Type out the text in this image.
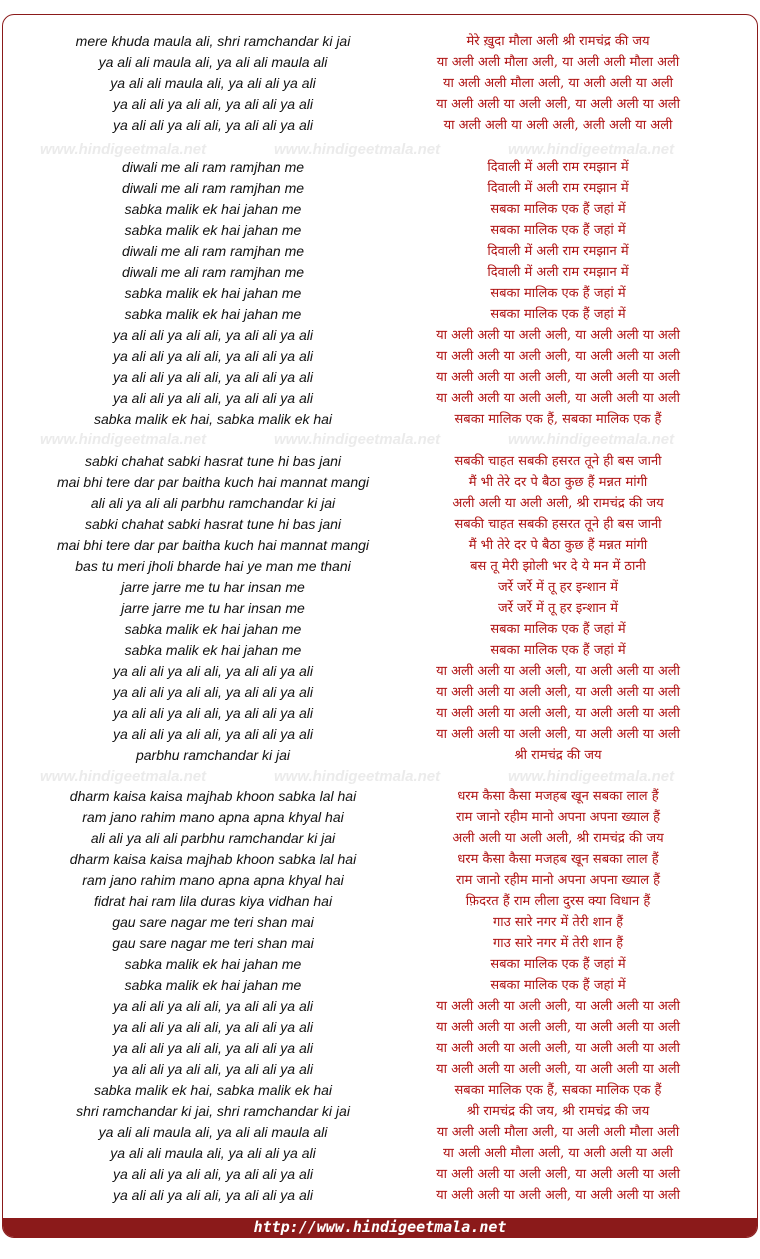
http://www.hindigeetmala.net
mere khuda maula ali, shri ramchandar ki jai	मेरे ख़ुदा मौला अली श्री रामचंद्र की जय
ya ali ali maula ali, ya ali ali maula ali	या अली अली मौला अली, या अली अली मौला अली
ya ali ali maula ali, ya ali ali ya ali	या अली अली मौला अली, या अली अली या अली
ya ali ali ya ali ali, ya ali ali ya ali	या अली अली या अली अली, या अली अली या अली
ya ali ali ya ali ali, ya ali ali ya ali	या अली अली या अली अली, अली अली या अली
www.hindigeetmala.net	www.hindigeetmala.net	www.hindigeetmala.net
diwali me ali ram ramjhan me	दिवाली में अली राम रमझान में
diwali me ali ram ramjhan me	दिवाली में अली राम रमझान में
sabka malik ek hai jahan me	सबका मालिक एक हैं जहां में
sabka malik ek hai jahan me	सबका मालिक एक हैं जहां में
diwali me ali ram ramjhan me	दिवाली में अली राम रमझान में
diwali me ali ram ramjhan me	दिवाली में अली राम रमझान में
sabka malik ek hai jahan me	सबका मालिक एक हैं जहां में
sabka malik ek hai jahan me	सबका मालिक एक हैं जहां में
ya ali ali ya ali ali, ya ali ali ya ali	या अली अली या अली अली, या अली अली या अली
ya ali ali ya ali ali, ya ali ali ya ali	या अली अली या अली अली, या अली अली या अली
ya ali ali ya ali ali, ya ali ali ya ali	या अली अली या अली अली, या अली अली या अली
ya ali ali ya ali ali, ya ali ali ya ali	या अली अली या अली अली, या अली अली या अली
sabka malik ek hai, sabka malik ek hai	सबका मालिक एक हैं, सबका मालिक एक हैं
www.hindigeetmala.net	www.hindigeetmala.net	www.hindigeetmala.net
sabki chahat sabki hasrat tune hi bas jani	सबकी चाहत सबकी हसरत तूने ही बस जानी
mai bhi tere dar par baitha kuch hai mannat mangi	मैं भी तेरे दर पे बैठा कुछ हैं मन्नत मांगी
ali ali ya ali ali parbhu ramchandar ki jai	अली अली या अली अली, श्री रामचंद्र की जय
sabki chahat sabki hasrat tune hi bas jani	सबकी चाहत सबकी हसरत तूने ही बस जानी
mai bhi tere dar par baitha kuch hai mannat mangi	मैं भी तेरे दर पे बैठा कुछ हैं मन्नत मांगी
bas tu meri jholi bharde hai ye man me thani	बस तू मेरी झोली भर दे ये मन में ठानी
jarre jarre me tu har insan me	जर्रे जर्रे में तू हर इन्शान में
jarre jarre me tu har insan me	जर्रे जर्रे में तू हर इन्शान में
sabka malik ek hai jahan me	सबका मालिक एक हैं जहां में
sabka malik ek hai jahan me	सबका मालिक एक हैं जहां में
ya ali ali ya ali ali, ya ali ali ya ali	या अली अली या अली अली, या अली अली या अली
ya ali ali ya ali ali, ya ali ali ya ali	या अली अली या अली अली, या अली अली या अली
ya ali ali ya ali ali, ya ali ali ya ali	या अली अली या अली अली, या अली अली या अली
ya ali ali ya ali ali, ya ali ali ya ali	या अली अली या अली अली, या अली अली या अली
parbhu ramchandar ki jai	श्री रामचंद्र की जय
www.hindigeetmala.net	www.hindigeetmala.net	www.hindigeetmala.net
dharm kaisa kaisa majhab khoon sabka lal hai	धरम कैसा कैसा मजहब खून सबका लाल हैं
ram jano rahim mano apna apna khyal hai	राम जानो रहीम मानो अपना अपना ख्याल हैं
ali ali ya ali ali parbhu ramchandar ki jai	अली अली या अली अली, श्री रामचंद्र की जय
dharm kaisa kaisa majhab khoon sabka lal hai	धरम कैसा कैसा मजहब खून सबका लाल हैं
ram jano rahim mano apna apna khyal hai	राम जानो रहीम मानो अपना अपना ख्याल हैं
fidrat hai ram lila duras kiya vidhan hai	फ़िदरत हैं राम लीला दुरस क्या विधान हैं
gau sare nagar me teri shan mai	गाउ सारे नगर में तेरी शान हैं
gau sare nagar me teri shan mai	गाउ सारे नगर में तेरी शान हैं
sabka malik ek hai jahan me	सबका मालिक एक हैं जहां में
sabka malik ek hai jahan me	सबका मालिक एक हैं जहां में
ya ali ali ya ali ali, ya ali ali ya ali	या अली अली या अली अली, या अली अली या अली
ya ali ali ya ali ali, ya ali ali ya ali	या अली अली या अली अली, या अली अली या अली
ya ali ali ya ali ali, ya ali ali ya ali	या अली अली या अली अली, या अली अली या अली
ya ali ali ya ali ali, ya ali ali ya ali	या अली अली या अली अली, या अली अली या अली
sabka malik ek hai, sabka malik ek hai	सबका मालिक एक हैं, सबका मालिक एक हैं
shri ramchandar ki jai, shri ramchandar ki jai	श्री रामचंद्र की जय, श्री रामचंद्र की जय
ya ali ali maula ali, ya ali ali maula ali	या अली अली मौला अली, या अली अली मौला अली
ya ali ali maula ali, ya ali ali ya ali	या अली अली मौला अली, या अली अली या अली
ya ali ali ya ali ali, ya ali ali ya ali	या अली अली या अली अली, या अली अली या अली
ya ali ali ya ali ali, ya ali ali ya ali	या अली अली या अली अली, या अली अली या अली
